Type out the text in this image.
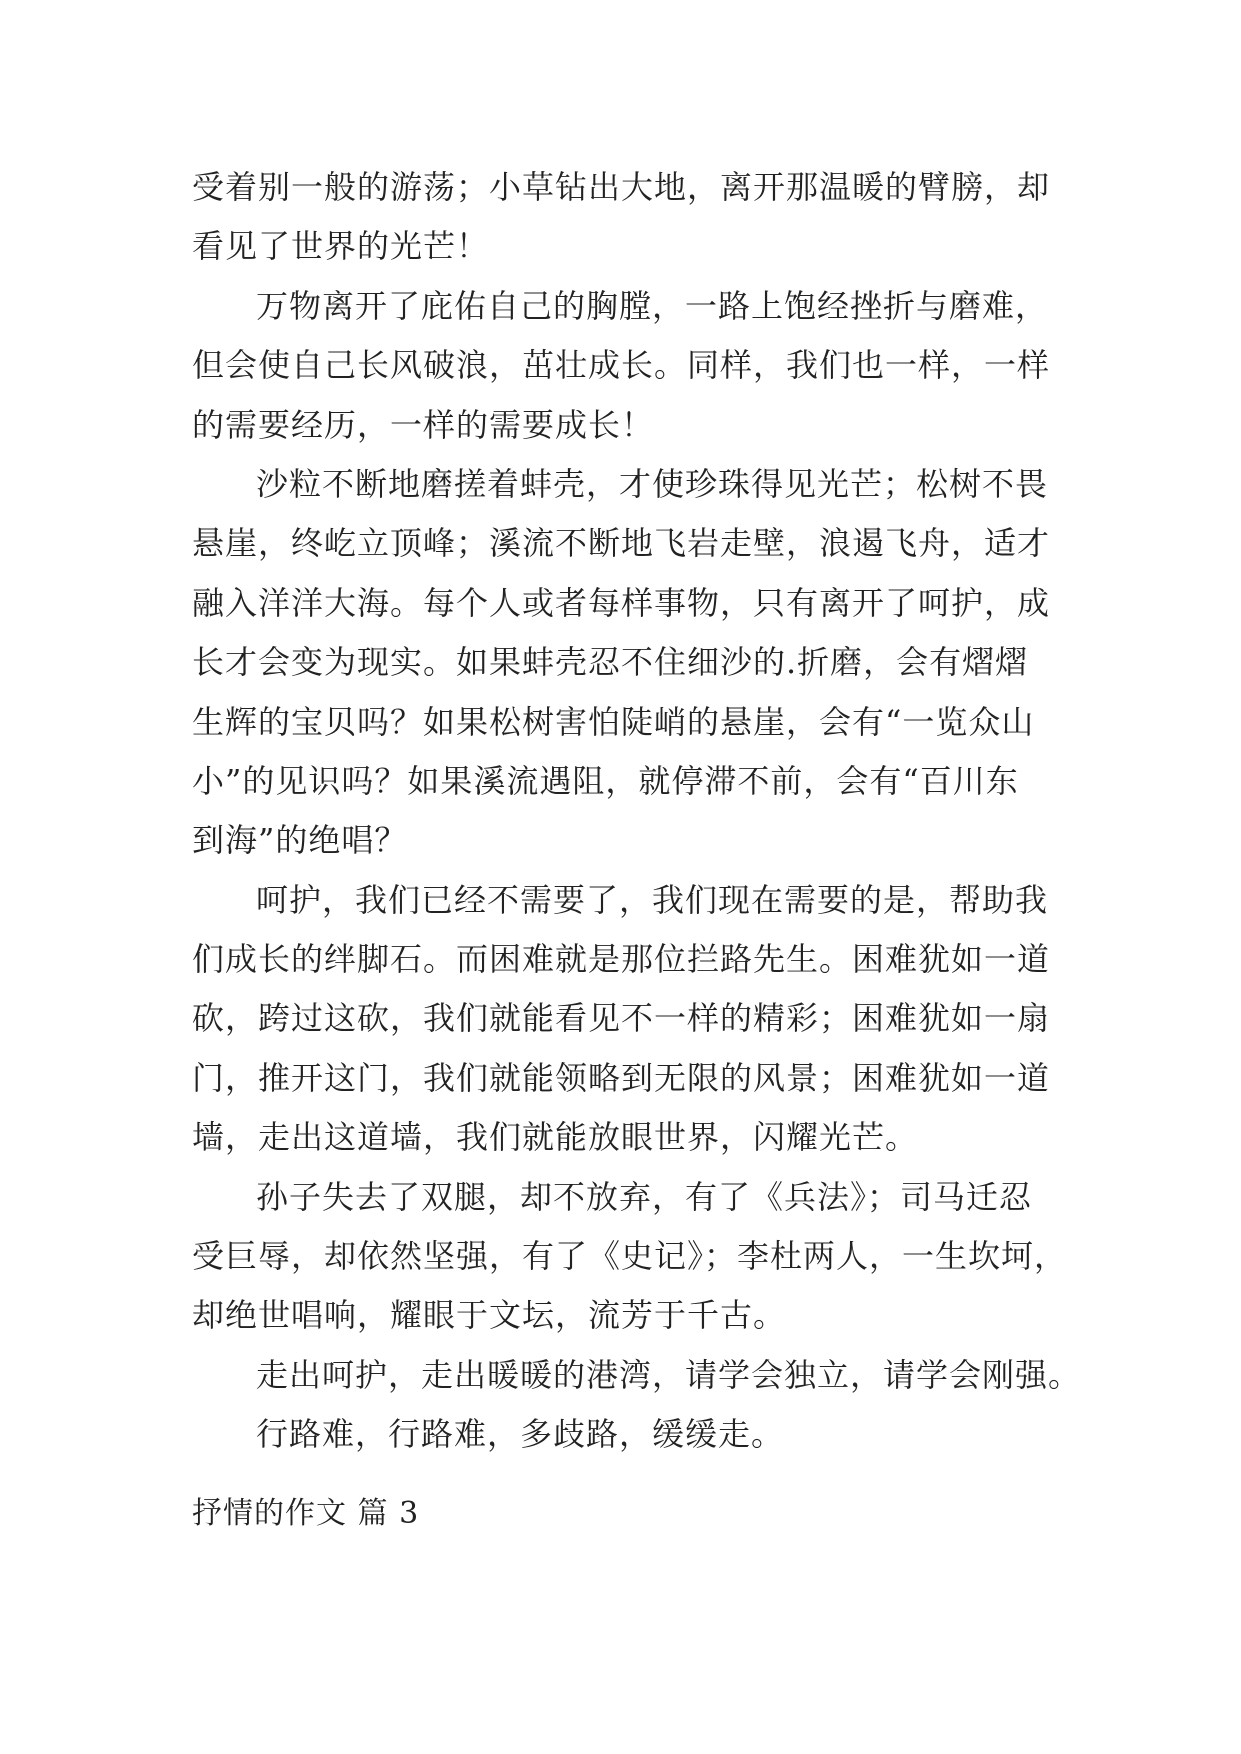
受着别一般的游荡；小草钻出大地，离开那温暖的臂膀，却
看见了世界的光芒！
万物离开了庇佑自己的胸膛，一路上饱经挫折与磨难，
但会使自己长风破浪，茁壮成长。同样，我们也一样，一样
的需要经历，一样的需要成长！
沙粒不断地磨搓着蚌壳，才使珍珠得见光芒；松树不畏
悬崖，终屹立顶峰；溪流不断地飞岩走壁，浪遏飞舟，适才
融入洋洋大海。每个人或者每样事物，只有离开了呵护，成
长才会变为现实。如果蚌壳忍不住细沙的.折磨，会有熠熠
生辉的宝贝吗？如果松树害怕陡峭的悬崖，会有“一览众山
小”的见识吗？如果溪流遇阻，就停滞不前，会有“百川东
到海”的绝唱？
呵护，我们已经不需要了，我们现在需要的是，帮助我
们成长的绊脚石。而困难就是那位拦路先生。困难犹如一道
砍，跨过这砍，我们就能看见不一样的精彩；困难犹如一扇
门，推开这门，我们就能领略到无限的风景；困难犹如一道
墙，走出这道墙，我们就能放眼世界，闪耀光芒。
孙子失去了双腿，却不放弃，有了《兵法》；司马迁忍
受巨辱，却依然坚强，有了《史记》；李杜两人，一生坎坷，
却绝世唱响，耀眼于文坛，流芳于千古。
走出呵护，走出暖暖的港湾，请学会独立，请学会刚强。
行路难，行路难，多歧路，缓缓走。
抒情的作文 篇 3
